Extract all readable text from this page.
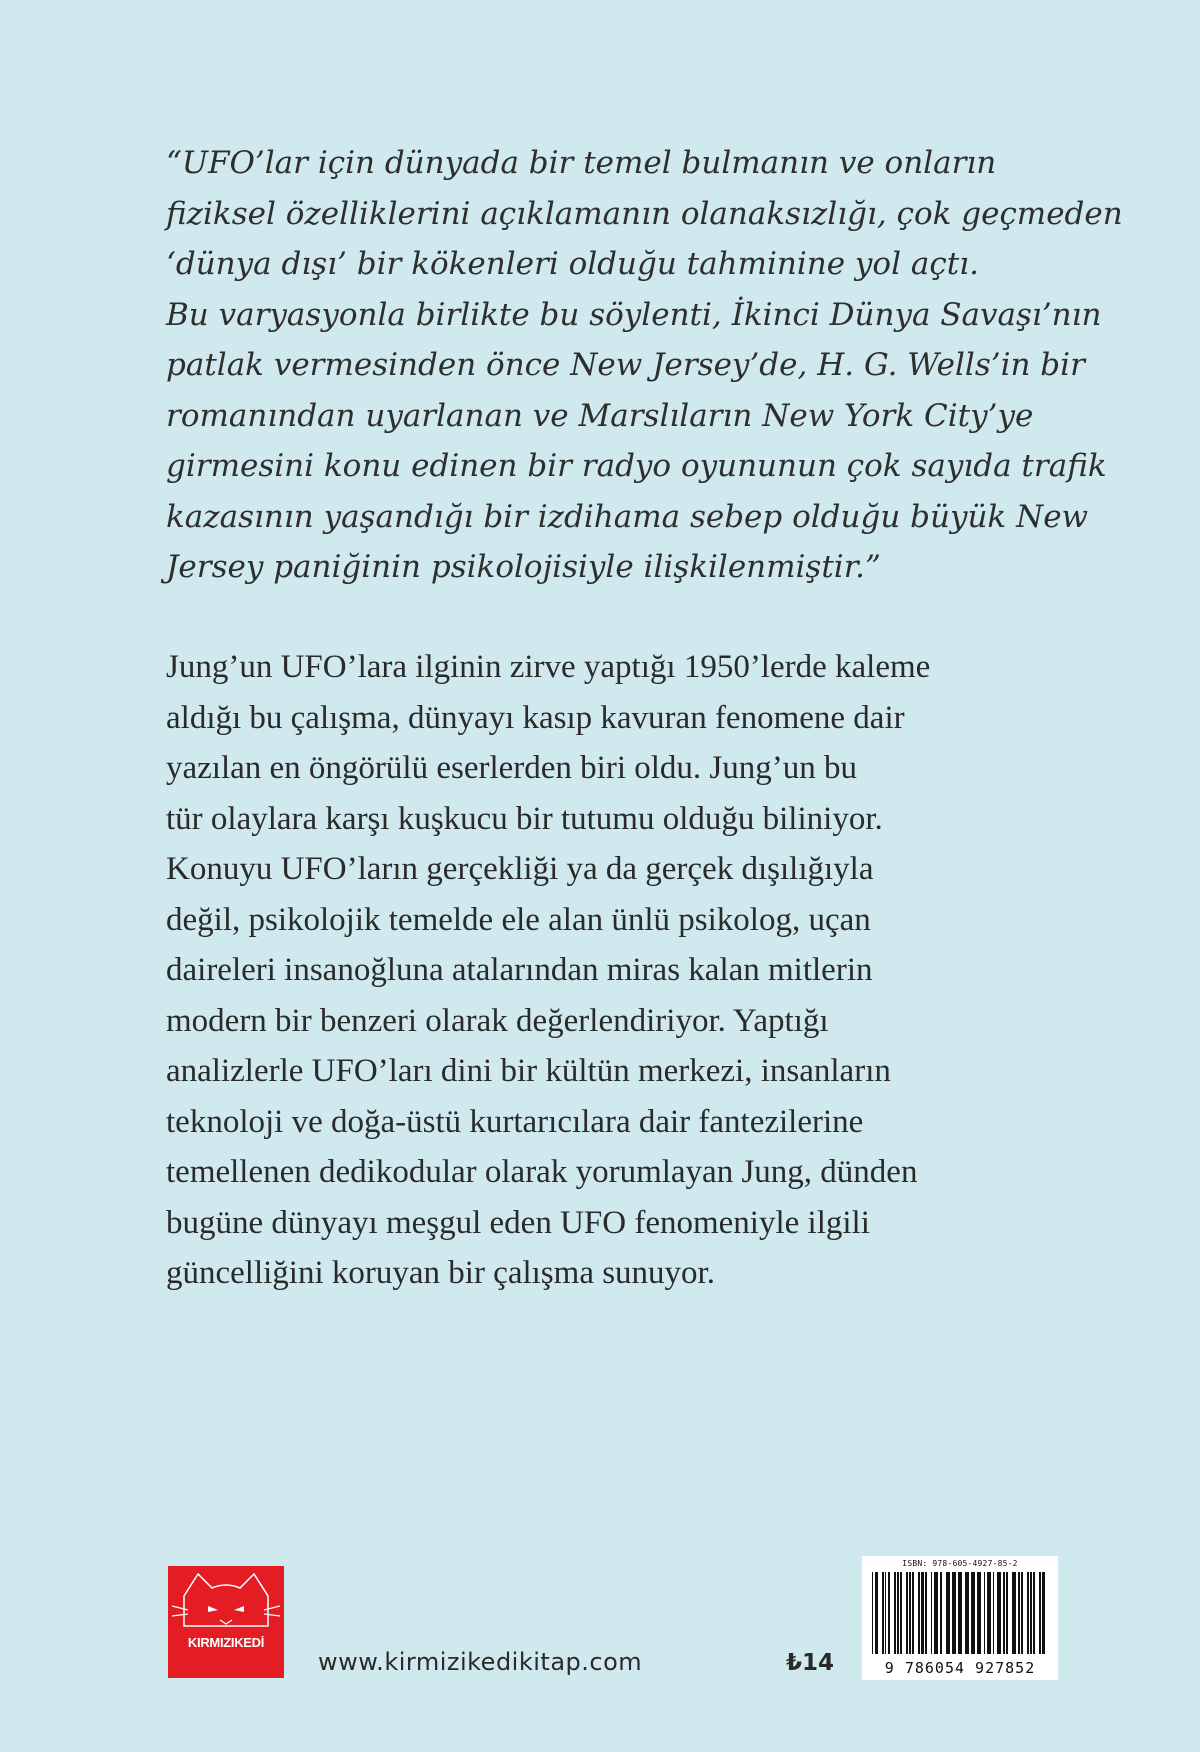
“UFO’lar için dünyada bir temel bulmanın ve onların
fiziksel özelliklerini açıklamanın olanaksızlığı, çok geçmeden
‘dünya dışı’ bir kökenleri olduğu tahminine yol açtı.
Bu varyasyonla birlikte bu söylenti, İkinci Dünya Savaşı’nın
patlak vermesinden önce New Jersey’de, H. G. Wells’in bir
romanından uyarlanan ve Marslıların New York City’ye
girmesini konu edinen bir radyo oyununun çok sayıda trafik
kazasının yaşandığı bir izdihama sebep olduğu büyük New
Jersey paniğinin psikolojisiyle ilişkilenmiştir.”
Jung’un UFO’lara ilginin zirve yaptığı 1950’lerde kaleme
aldığı bu çalışma, dünyayı kasıp kavuran fenomene dair
yazılan en öngörülü eserlerden biri oldu. Jung’un bu
tür olaylara karşı kuşkucu bir tutumu olduğu biliniyor.
Konuyu UFO’ların gerçekliği ya da gerçek dışılığıyla
değil, psikolojik temelde ele alan ünlü psikolog, uçan
daireleri insanoğluna atalarından miras kalan mitlerin
modern bir benzeri olarak değerlendiriyor. Yaptığı
analizlerle UFO’ları dini bir kültün merkezi, insanların
teknoloji ve doğa-üstü kurtarıcılara dair fantezilerine
temellenen dedikodular olarak yorumlayan Jung, dünden
bugüne dünyayı meşgul eden UFO fenomeniyle ilgili
güncelliğini koruyan bir çalışma sunuyor.
KIRMIZIKEDİ
www.kirmizikedikitap.com	₺14
ISBN: 978-605-4927-85-2
9 786054 927852
